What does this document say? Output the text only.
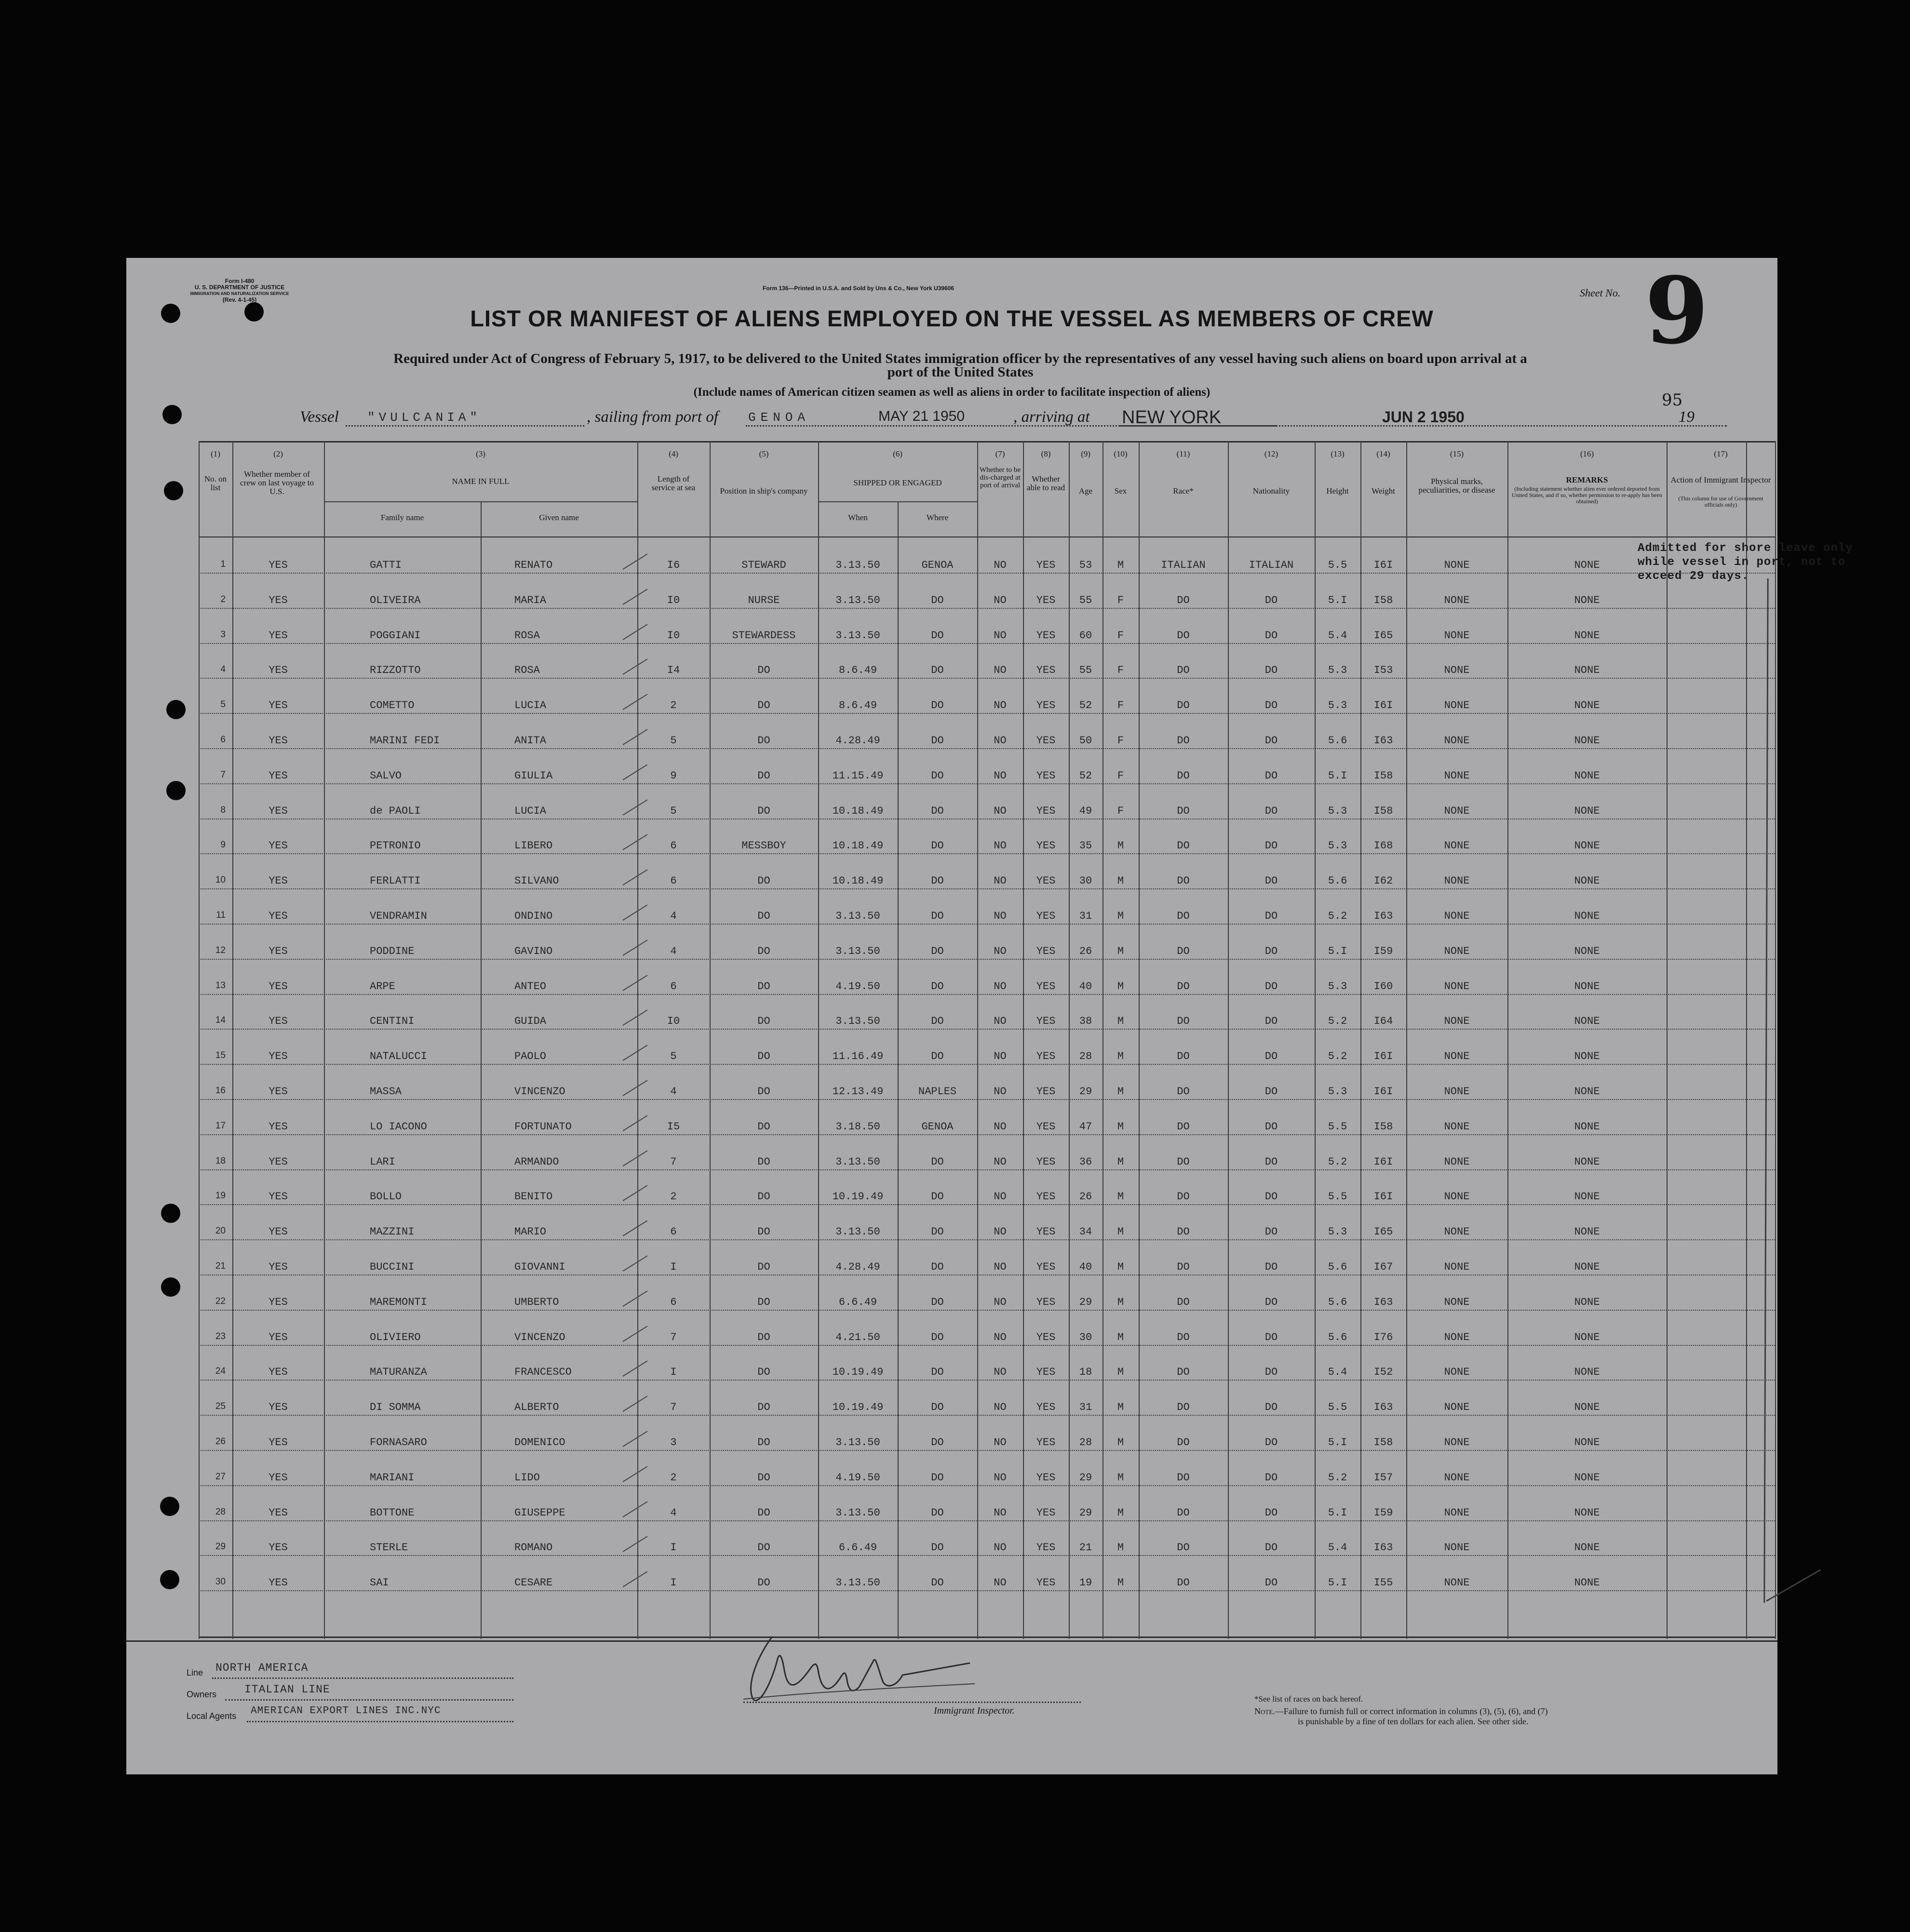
Form I-480
U. S. DEPARTMENT OF JUSTICE
IMMIGRATION AND NATURALIZATION SERVICE
(Rev. 4-1-45)
Form 136—Printed in U.S.A. and Sold by Uns & Co., New York U39606	Sheet No. 9
95
LIST OR MANIFEST OF ALIENS EMPLOYED ON THE VESSEL AS MEMBERS OF CREW
Required under Act of Congress of February 5, 1917, to be delivered to the United States immigration officer by the representatives of any vessel having such aliens on board upon arrival at a
port of the United States
(Include names of American citizen seamen as well as aliens in order to facilitate inspection of aliens)
Vessel "VULCANIA"	, sailing from port of GENOA	MAY 21 1950	, arriving at NEW YORK	JUN 2 1950	19
(1)
No. on list
(2)
Whether member of crew on last voyage to U.S.
(3)
NAME IN FULL
Family name	Given name
(4)
Length of service at sea
(5)
Position in ship's company
(6)
SHIPPED OR ENGAGED
When	Where
(7)
Whether to be dis-charged at port of arrival
(8)
Whether able to read
(9)
Age
(10)
Sex
(11)
Race*
(12)
Nationality
(13)
Height
(14)
Weight
(15)
Physical marks, peculiarities, or disease
(16)
REMARKS
(Including statement whether alien ever ordered deported from United States, and if so, whether permission to re-apply has been obtained)
(17)
Action of Immigrant Inspector
(This column for use of Government officials only)
Admitted for shore leave only
while vessel in port, not to
exceed 29 days.
1	YES	GATTI	RENATO	I6	STEWARD	3.13.50	GENOA	NO	YES	53	M	ITALIAN	ITALIAN	5.5	I6I	NONE	NONE
2	YES	OLIVEIRA	MARIA	I0	NURSE	3.13.50	DO	NO	YES	55	F	DO	DO	5.I	I58	NONE	NONE
3	YES	POGGIANI	ROSA	I0	STEWARDESS	3.13.50	DO	NO	YES	60	F	DO	DO	5.4	I65	NONE	NONE
4	YES	RIZZOTTO	ROSA	I4	DO	8.6.49	DO	NO	YES	55	F	DO	DO	5.3	I53	NONE	NONE
5	YES	COMETTO	LUCIA	2	DO	8.6.49	DO	NO	YES	52	F	DO	DO	5.3	I6I	NONE	NONE
6	YES	MARINI FEDI	ANITA	5	DO	4.28.49	DO	NO	YES	50	F	DO	DO	5.6	I63	NONE	NONE
7	YES	SALVO	GIULIA	9	DO	11.15.49	DO	NO	YES	52	F	DO	DO	5.I	I58	NONE	NONE
8	YES	de PAOLI	LUCIA	5	DO	10.18.49	DO	NO	YES	49	F	DO	DO	5.3	I58	NONE	NONE
9	YES	PETRONIO	LIBERO	6	MESSBOY	10.18.49	DO	NO	YES	35	M	DO	DO	5.3	I68	NONE	NONE
10	YES	FERLATTI	SILVANO	6	DO	10.18.49	DO	NO	YES	30	M	DO	DO	5.6	I62	NONE	NONE
11	YES	VENDRAMIN	ONDINO	4	DO	3.13.50	DO	NO	YES	31	M	DO	DO	5.2	I63	NONE	NONE
12	YES	PODDINE	GAVINO	4	DO	3.13.50	DO	NO	YES	26	M	DO	DO	5.I	I59	NONE	NONE
13	YES	ARPE	ANTEO	6	DO	4.19.50	DO	NO	YES	40	M	DO	DO	5.3	I60	NONE	NONE
14	YES	CENTINI	GUIDA	I0	DO	3.13.50	DO	NO	YES	38	M	DO	DO	5.2	I64	NONE	NONE
15	YES	NATALUCCI	PAOLO	5	DO	11.16.49	DO	NO	YES	28	M	DO	DO	5.2	I6I	NONE	NONE
16	YES	MASSA	VINCENZO	4	DO	12.13.49	NAPLES	NO	YES	29	M	DO	DO	5.3	I6I	NONE	NONE
17	YES	LO IACONO	FORTUNATO	I5	DO	3.18.50	GENOA	NO	YES	47	M	DO	DO	5.5	I58	NONE	NONE
18	YES	LARI	ARMANDO	7	DO	3.13.50	DO	NO	YES	36	M	DO	DO	5.2	I6I	NONE	NONE
19	YES	BOLLO	BENITO	2	DO	10.19.49	DO	NO	YES	26	M	DO	DO	5.5	I6I	NONE	NONE
20	YES	MAZZINI	MARIO	6	DO	3.13.50	DO	NO	YES	34	M	DO	DO	5.3	I65	NONE	NONE
21	YES	BUCCINI	GIOVANNI	I	DO	4.28.49	DO	NO	YES	40	M	DO	DO	5.6	I67	NONE	NONE
22	YES	MAREMONTI	UMBERTO	6	DO	6.6.49	DO	NO	YES	29	M	DO	DO	5.6	I63	NONE	NONE
23	YES	OLIVIERO	VINCENZO	7	DO	4.21.50	DO	NO	YES	30	M	DO	DO	5.6	I76	NONE	NONE
24	YES	MATURANZA	FRANCESCO	I	DO	10.19.49	DO	NO	YES	18	M	DO	DO	5.4	I52	NONE	NONE
25	YES	DI SOMMA	ALBERTO	7	DO	10.19.49	DO	NO	YES	31	M	DO	DO	5.5	I63	NONE	NONE
26	YES	FORNASARO	DOMENICO	3	DO	3.13.50	DO	NO	YES	28	M	DO	DO	5.I	I58	NONE	NONE
27	YES	MARIANI	LIDO	2	DO	4.19.50	DO	NO	YES	29	M	DO	DO	5.2	I57	NONE	NONE
28	YES	BOTTONE	GIUSEPPE	4	DO	3.13.50	DO	NO	YES	29	M	DO	DO	5.I	I59	NONE	NONE
29	YES	STERLE	ROMANO	I	DO	6.6.49	DO	NO	YES	21	M	DO	DO	5.4	I63	NONE	NONE
30	YES	SAI	CESARE	I	DO	3.13.50	DO	NO	YES	19	M	DO	DO	5.I	I55	NONE	NONE
Line NORTH AMERICA
Owners	ITALIAN LINE
Local Agents AMERICAN EXPORT LINES INC.NYC	Immigrant Inspector.
*See list of races on back hereof.
Note.—Failure to furnish full or correct information in columns (3), (5), (6), and (7)
is punishable by a fine of ten dollars for each alien. See other side.
